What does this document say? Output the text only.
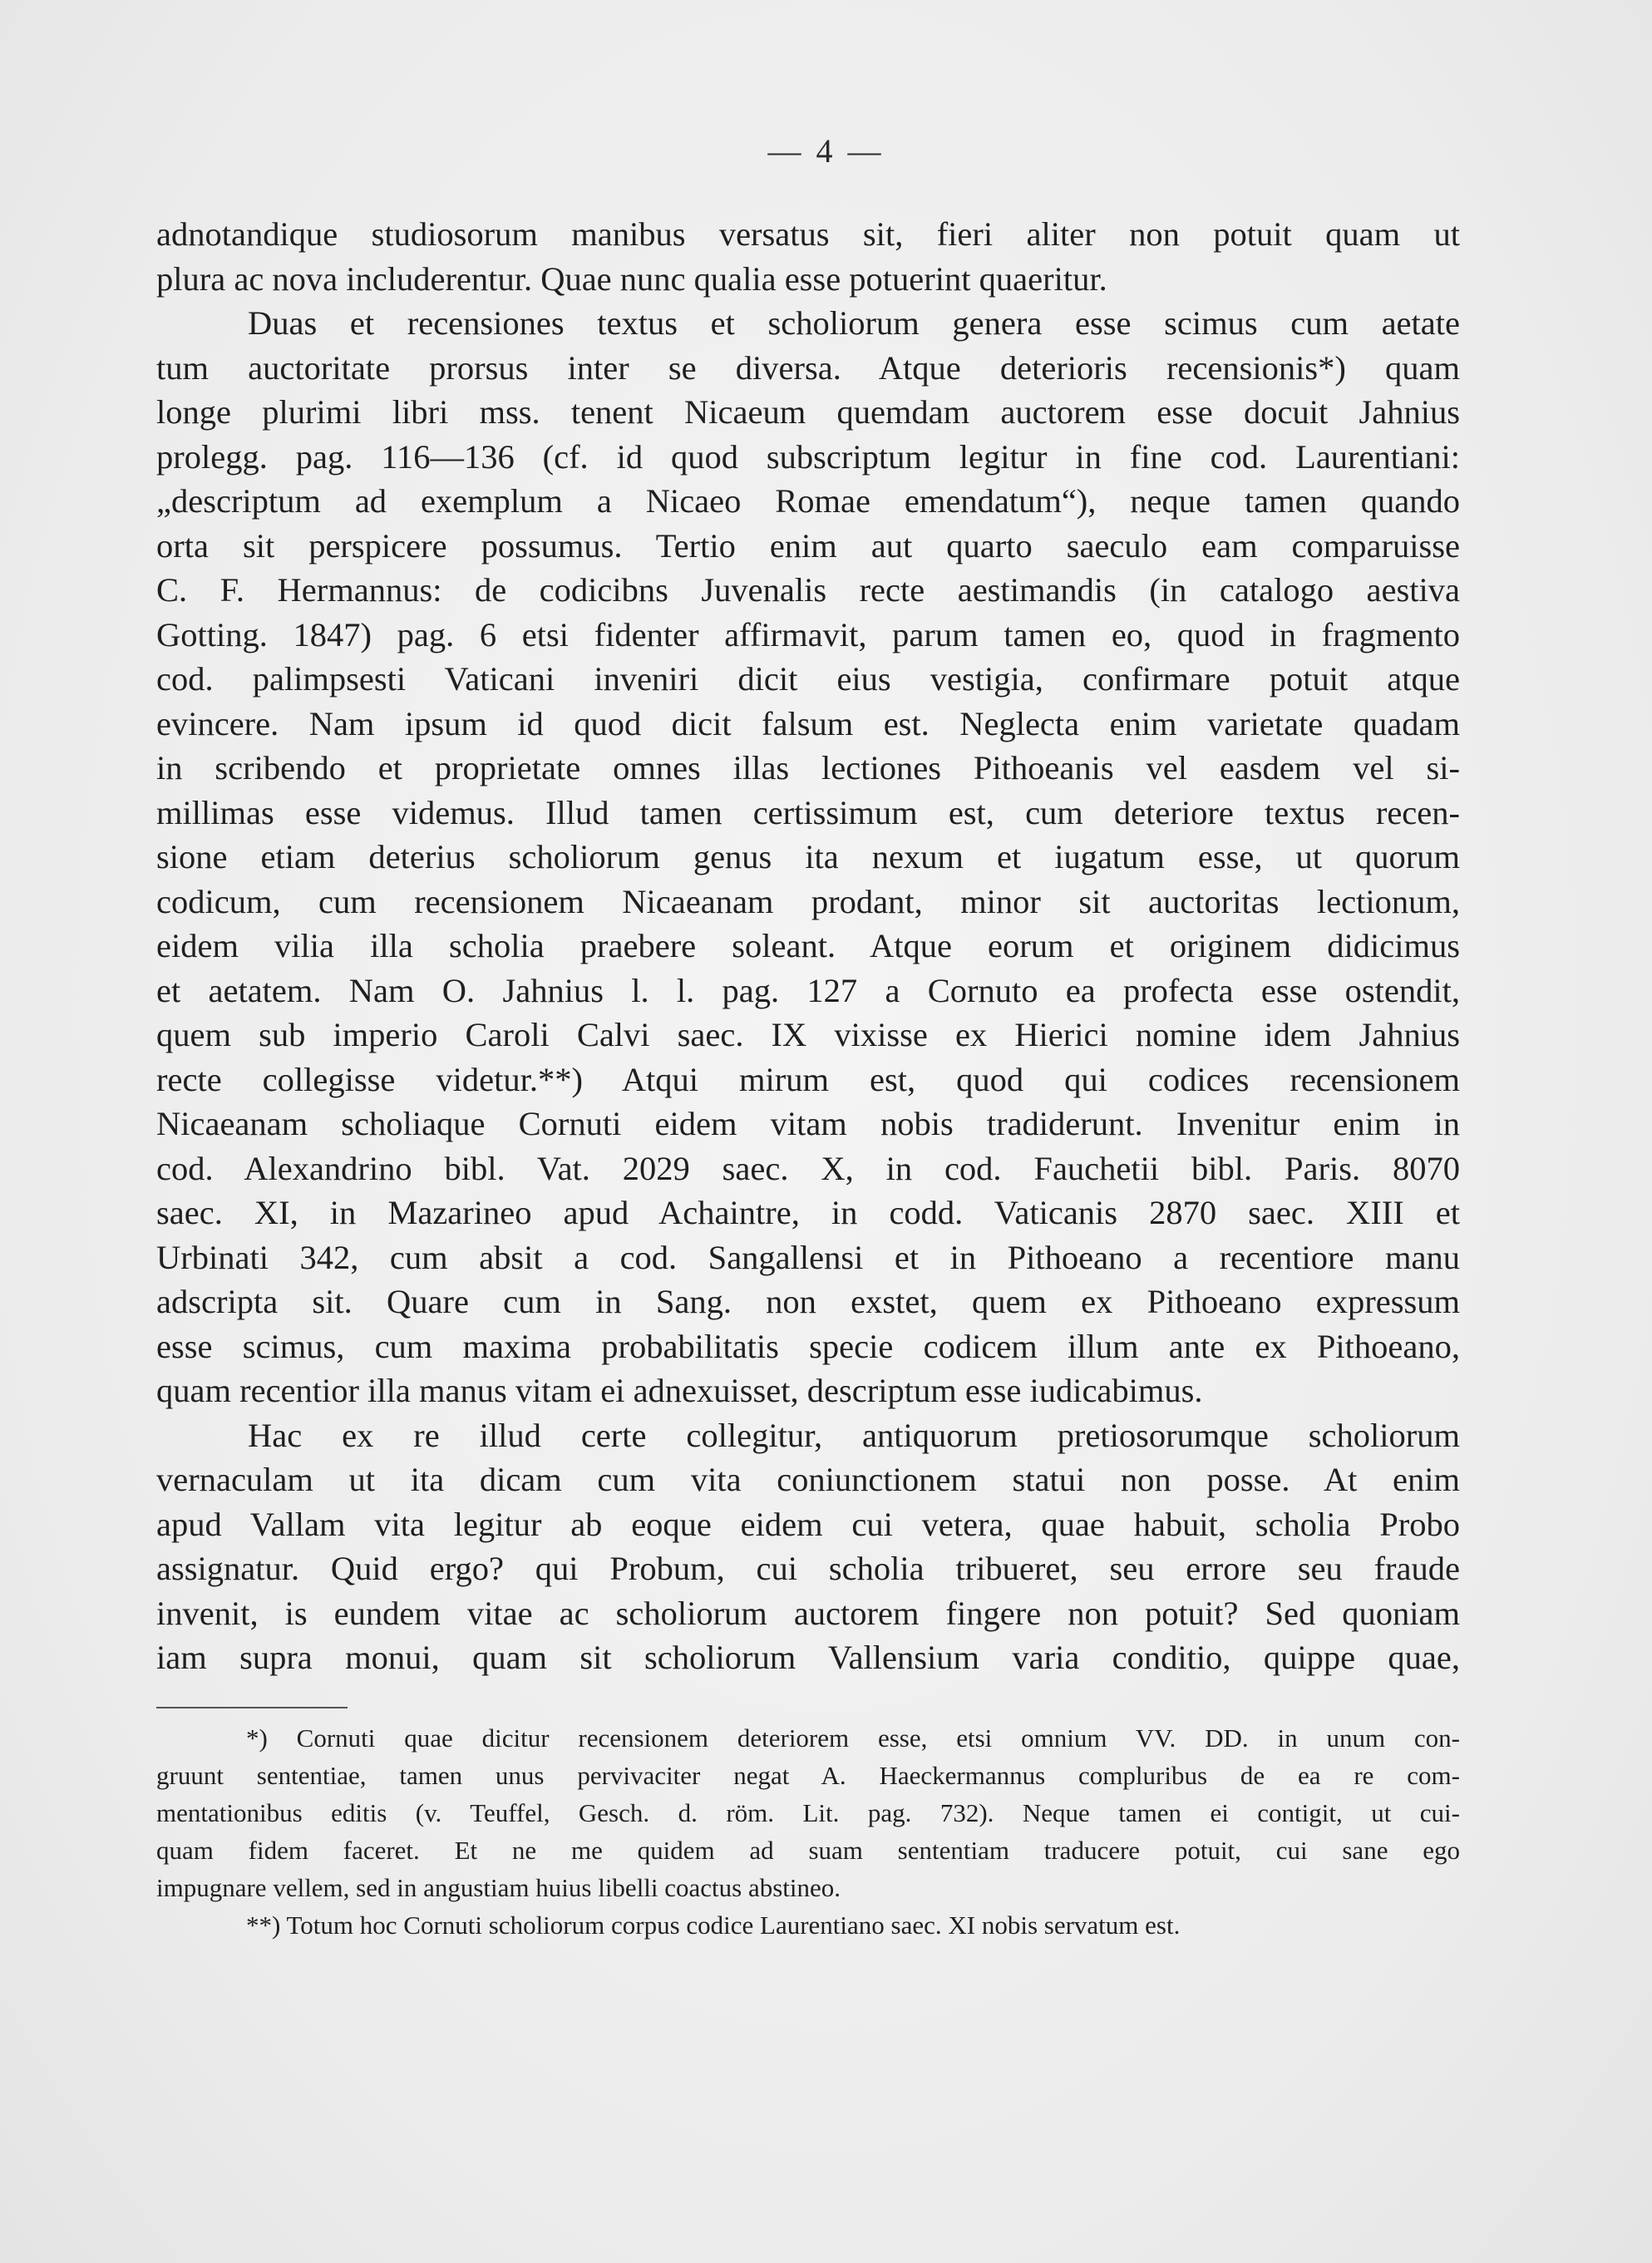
— 4 —

adnotandique studiosorum manibus versatus sit, fieri aliter non potuit quam ut
plura ac nova includerentur. Quae nunc qualia esse potuerint quaeritur.

Duas et recensiones textus et scholiorum genera esse scimus cum aetate
tum auctoritate prorsus inter se diversa. Atque deterioris recensionis*) quam
longe plurimi libri mss. tenent Nicaeum quemdam auctorem esse docuit Jahnius
prolegg. pag. 116—136 (cf. id quod subscriptum legitur in fine cod. Laurentiani:
„descriptum ad exemplum a Nicaeo Romae emendatum“), neque tamen quando
orta sit perspicere possumus. Tertio enim aut quarto saeculo eam comparuisse
C. F. Hermannus: de codicibns Juvenalis recte aestimandis (in catalogo aestiva
Gotting. 1847) pag. 6 etsi fidenter affirmavit, parum tamen eo, quod in fragmento
cod. palimpsesti Vaticani inveniri dicit eius vestigia, confirmare potuit atque
evincere. Nam ipsum id quod dicit falsum est. Neglecta enim varietate quadam
in scribendo et proprietate omnes illas lectiones Pithoeanis vel easdem vel si-
millimas esse videmus. Illud tamen certissimum est, cum deteriore textus recen-
sione etiam deterius scholiorum genus ita nexum et iugatum esse, ut quorum
codicum, cum recensionem Nicaeanam prodant, minor sit auctoritas lectionum,
eidem vilia illa scholia praebere soleant. Atque eorum et originem didicimus
et aetatem. Nam O. Jahnius l. l. pag. 127 a Cornuto ea profecta esse ostendit,
quem sub imperio Caroli Calvi saec. IX vixisse ex Hierici nomine idem Jahnius
recte collegisse videtur.**) Atqui mirum est, quod qui codices recensionem
Nicaeanam scholiaque Cornuti eidem vitam nobis tradiderunt. Invenitur enim in
cod. Alexandrino bibl. Vat. 2029 saec. X, in cod. Fauchetii bibl. Paris. 8070
saec. XI, in Mazarineo apud Achaintre, in codd. Vaticanis 2870 saec. XIII et
Urbinati 342, cum absit a cod. Sangallensi et in Pithoeano a recentiore manu
adscripta sit. Quare cum in Sang. non exstet, quem ex Pithoeano expressum
esse scimus, cum maxima probabilitatis specie codicem illum ante ex Pithoeano,
quam recentior illa manus vitam ei adnexuisset, descriptum esse iudicabimus.

Hac ex re illud certe collegitur, antiquorum pretiosorumque scholiorum
vernaculam ut ita dicam cum vita coniunctionem statui non posse. At enim
apud Vallam vita legitur ab eoque eidem cui vetera, quae habuit, scholia Probo
assignatur. Quid ergo? qui Probum, cui scholia tribueret, seu errore seu fraude
invenit, is eundem vitae ac scholiorum auctorem fingere non potuit? Sed quoniam
iam supra monui, quam sit scholiorum Vallensium varia conditio, quippe quae,

*) Cornuti quae dicitur recensionem deteriorem esse, etsi omnium VV. DD. in unum con-
gruunt sententiae, tamen unus pervivaciter negat A. Haeckermannus compluribus de ea re com-
mentationibus editis (v. Teuffel, Gesch. d. röm. Lit. pag. 732). Neque tamen ei contigit, ut cui-
quam fidem faceret. Et ne me quidem ad suam sententiam traducere potuit, cui sane ego
impugnare vellem, sed in angustiam huius libelli coactus abstineo.

**) Totum hoc Cornuti scholiorum corpus codice Laurentiano saec. XI nobis servatum est.
